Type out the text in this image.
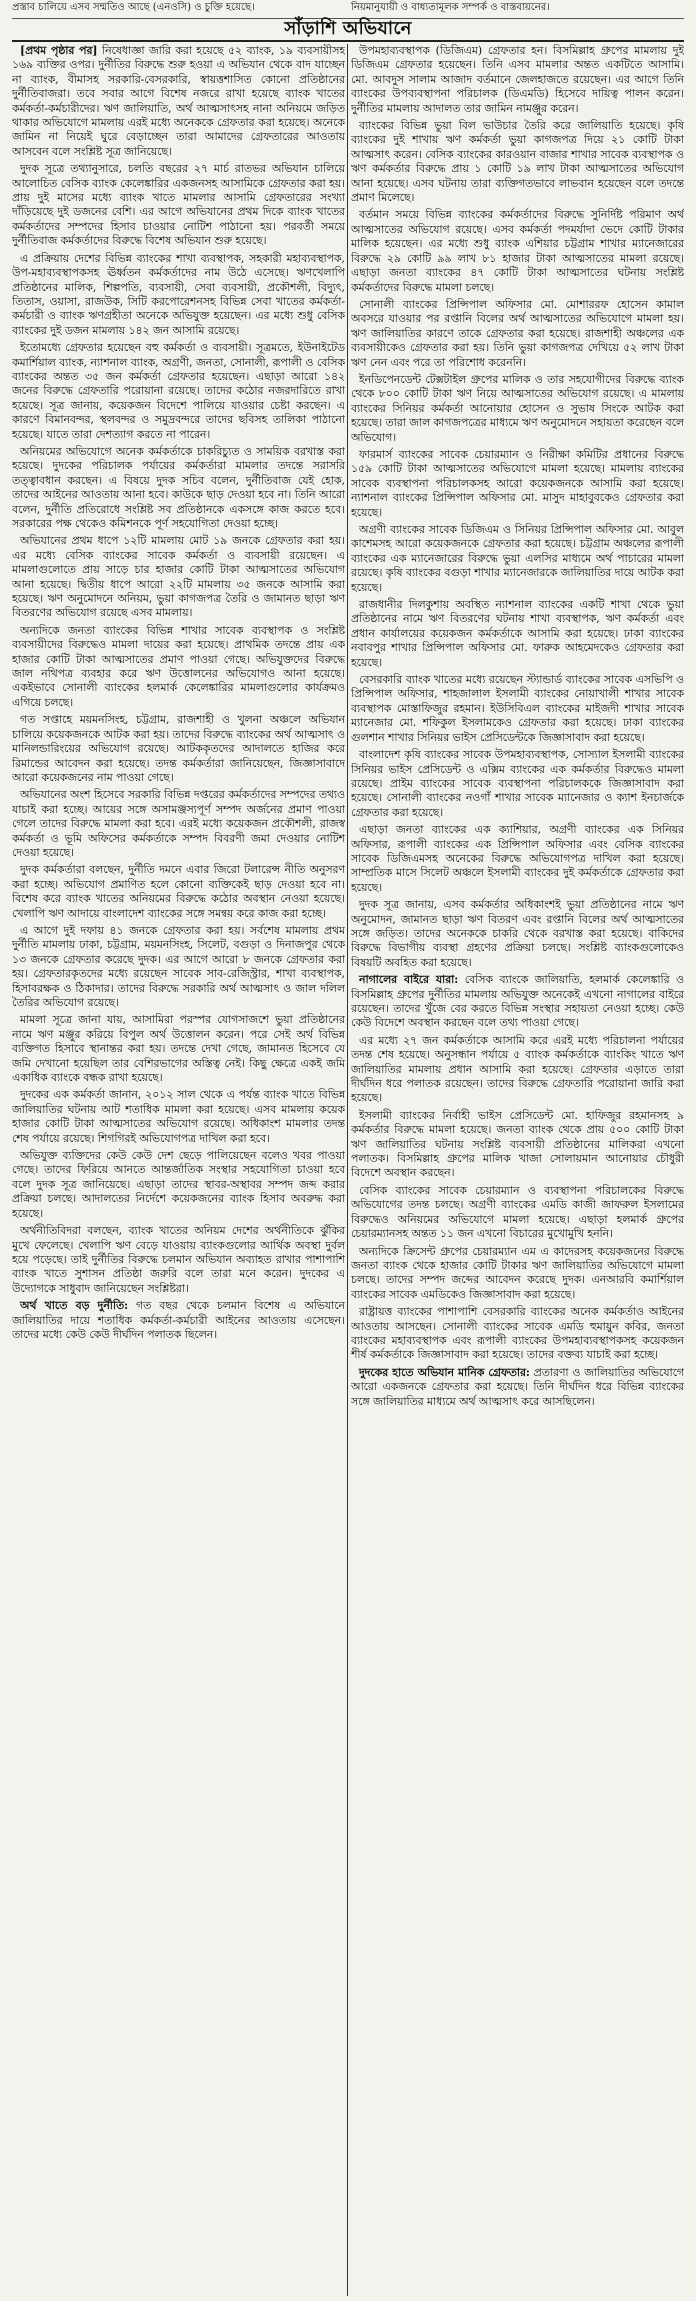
প্রস্তাব চালিয়ে এসব সম্মতিও আছে (এনওসি) ও চুক্তি হয়েছে।	নিয়মানুযায়ী ও বাধ্যতামূলক সম্পর্ক ও বাস্তবায়নের।
সাঁড়াশি অভিযানে

[প্রথম পৃষ্ঠার পর] নিষেধাজ্ঞা জারি করা হয়েছে ৫২ ব্যাংক, ১৯ ব্যবসায়ীসহ ১৬৯ ব্যক্তির ওপর। দুর্নীতির বিরুদ্ধে শুরু হওয়া এ অভিযান থেকে বাদ যাচ্ছেন না ব্যাংক, বীমাসহ সরকারি-বেসরকারি, স্বায়ত্তশাসিত কোনো প্রতিষ্ঠানের দুর্নীতিবাজরা। তবে সবার আগে বিশেষ নজরে রাখা হয়েছে ব্যাংক খাতের কর্মকর্তা-কর্মচারীদের। ঋণ জালিয়াতি, অর্থ আত্মসাৎসহ নানা অনিয়মে জড়িত থাকার অভিযোগে মামলায় এরই মধ্যে অনেককে গ্রেফতার করা হয়েছে। অনেকে জামিন না নিয়েই ঘুরে বেড়াচ্ছেন তারা আমাদের গ্রেফতারের আওতায় আসবেন বলে সংশ্লিষ্ট সূত্র জানিয়েছে।

দুদক সূত্রে তথ্যানুসারে, চলতি বছরের ২৭ মার্চ রাতভর অভিযান চালিয়ে আলোচিত বেসিক ব্যাংক কেলেঙ্কারির একজনসহ আসামিকে গ্রেফতার করা হয়। প্রায় দুই মাসের মধ্যে ব্যাংক খাতে মামলার আসামি গ্রেফতারের সংখ্যা দাঁড়িয়েছে দুই ডজনের বেশি। এর আগে অভিযানের প্রথম দিকে ব্যাংক খাতের কর্মকর্তাদের সম্পদের হিসাব চাওয়ার নোটিশ পাঠানো হয়। পরবর্তী সময়ে দুর্নীতিবাজ কর্মকর্তাদের বিরুদ্ধে বিশেষ অভিযান শুরু হয়েছে।

এ প্রক্রিয়ায় দেশের বিভিন্ন ব্যাংকের শাখা ব্যবস্থাপক, সহকারী মহাব্যবস্থাপক, উপ-মহাব্যবস্থাপকসহ ঊর্ধ্বতন কর্মকর্তাদের নাম উঠে এসেছে। ঋণখেলাপি প্রতিষ্ঠানের মালিক, শিল্পপতি, ব্যবসায়ী, সেবা ব্যবসায়ী, প্রকৌশলী, বিদ্যুৎ, তিতাস, ওয়াসা, রাজউক, সিটি করপোরেশনসহ বিভিন্ন সেবা খাতের কর্মকর্তা-কর্মচারী ও ব্যাংক ঋণগ্রহীতা অনেকে অভিযুক্ত হয়েছেন। এর মধ্যে শুধু বেসিক ব্যাংকের দুই ডজন মামলায় ১৪২ জন আসামি রয়েছে।

ইতোমধ্যে গ্রেফতার হয়েছেন বহু কর্মকর্তা ও ব্যবসায়ী। সূত্রমতে, ইউনাইটেড কমার্শিয়াল ব্যাংক, ন্যাশনাল ব্যাংক, অগ্রণী, জনতা, সোনালী, রূপালী ও বেসিক ব্যাংকের অন্তত ৩৫ জন কর্মকর্তা গ্রেফতার হয়েছেন। এছাড়া আরো ১৪২ জনের বিরুদ্ধে গ্রেফতারি পরোয়ানা রয়েছে। তাদের কঠোর নজরদারিতে রাখা হয়েছে। সূত্র জানায়, কয়েকজন বিদেশে পালিয়ে যাওয়ার চেষ্টা করছেন। এ কারণে বিমানবন্দর, স্থলবন্দর ও সমুদ্রবন্দরে তাদের ছবিসহ তালিকা পাঠানো হয়েছে। যাতে তারা দেশত্যাগ করতে না পারেন।

অনিয়মের অভিযোগে অনেক কর্মকর্তাকে চাকরিচ্যুত ও সাময়িক বরখাস্ত করা হয়েছে। দুদকের পরিচালক পর্যায়ের কর্মকর্তারা মামলার তদন্তে সরাসরি তত্ত্বাবধান করছেন। এ বিষয়ে দুদক সচিব বলেন, দুর্নীতিবাজ যেই হোক, তাদের আইনের আওতায় আনা হবে। কাউকে ছাড় দেওয়া হবে না। তিনি আরো বলেন, দুর্নীতি প্রতিরোধে সংশ্লিষ্ট সব প্রতিষ্ঠানকে একসঙ্গে কাজ করতে হবে। সরকারের পক্ষ থেকেও কমিশনকে পূর্ণ সহযোগিতা দেওয়া হচ্ছে।

অভিযানের প্রথম ধাপে ১২টি মামলায় মোট ১৯ জনকে গ্রেফতার করা হয়। এর মধ্যে বেসিক ব্যাংকের সাবেক কর্মকর্তা ও ব্যবসায়ী রয়েছেন। এ মামলাগুলোতে প্রায় সাড়ে চার হাজার কোটি টাকা আত্মসাতের অভিযোগ আনা হয়েছে। দ্বিতীয় ধাপে আরো ২২টি মামলায় ৩৫ জনকে আসামি করা হয়েছে। ঋণ অনুমোদনে অনিয়ম, ভুয়া কাগজপত্র তৈরি ও জামানত ছাড়া ঋণ বিতরণের অভিযোগ রয়েছে এসব মামলায়।

অন্যদিকে জনতা ব্যাংকের বিভিন্ন শাখার সাবেক ব্যবস্থাপক ও সংশ্লিষ্ট ব্যবসায়ীদের বিরুদ্ধেও মামলা দায়ের করা হয়েছে। প্রাথমিক তদন্তে প্রায় এক হাজার কোটি টাকা আত্মসাতের প্রমাণ পাওয়া গেছে। অভিযুক্তদের বিরুদ্ধে জাল নথিপত্র ব্যবহার করে ঋণ উত্তোলনের অভিযোগও আনা হয়েছে। একইভাবে সোনালী ব্যাংকের হলমার্ক কেলেঙ্কারির মামলাগুলোর কার্যক্রমও এগিয়ে চলছে।

গত সপ্তাহে ময়মনসিংহ, চট্টগ্রাম, রাজশাহী ও খুলনা অঞ্চলে অভিযান চালিয়ে কয়েকজনকে আটক করা হয়। তাদের বিরুদ্ধে ব্যাংকের অর্থ আত্মসাৎ ও মানিলন্ডারিংয়ের অভিযোগ রয়েছে। আটককৃতদের আদালতে হাজির করে রিমান্ডের আবেদন করা হয়েছে। তদন্ত কর্মকর্তারা জানিয়েছেন, জিজ্ঞাসাবাদে আরো কয়েকজনের নাম পাওয়া গেছে।

অভিযানের অংশ হিসেবে সরকারি বিভিন্ন দপ্তরের কর্মকর্তাদের সম্পদের তথ্যও যাচাই করা হচ্ছে। আয়ের সঙ্গে অসামঞ্জস্যপূর্ণ সম্পদ অর্জনের প্রমাণ পাওয়া গেলে তাদের বিরুদ্ধে মামলা করা হবে। এরই মধ্যে কয়েকজন প্রকৌশলী, রাজস্ব কর্মকর্তা ও ভূমি অফিসের কর্মকর্তাকে সম্পদ বিবরণী জমা দেওয়ার নোটিশ দেওয়া হয়েছে।

দুদক কর্মকর্তারা বলছেন, দুর্নীতি দমনে এবার জিরো টলারেন্স নীতি অনুসরণ করা হচ্ছে। অভিযোগ প্রমাণিত হলে কোনো ব্যক্তিকেই ছাড় দেওয়া হবে না। বিশেষ করে ব্যাংক খাতের অনিয়মের বিরুদ্ধে কঠোর অবস্থান নেওয়া হয়েছে। খেলাপি ঋণ আদায়ে বাংলাদেশ ব্যাংকের সঙ্গে সমন্বয় করে কাজ করা হচ্ছে।

এ আগে দুই দফায় ৪১ জনকে গ্রেফতার করা হয়। সর্বশেষ মামলায় প্রথম দুর্নীতি মামলায় ঢাকা, চট্টগ্রাম, ময়মনসিংহ, সিলেট, বগুড়া ও দিনাজপুর থেকে ১৩ জনকে গ্রেফতার করেছে দুদক। এর আগে আরো ৮ জনকে গ্রেফতার করা হয়। গ্রেফতারকৃতদের মধ্যে রয়েছেন সাবেক সাব-রেজিস্ট্রার, শাখা ব্যবস্থাপক, হিসাবরক্ষক ও ঠিকাদার। তাদের বিরুদ্ধে সরকারি অর্থ আত্মসাৎ ও জাল দলিল তৈরির অভিযোগ রয়েছে।

মামলা সূত্রে জানা যায়, আসামিরা পরস্পর যোগসাজশে ভুয়া প্রতিষ্ঠানের নামে ঋণ মঞ্জুর করিয়ে বিপুল অর্থ উত্তোলন করেন। পরে সেই অর্থ বিভিন্ন ব্যক্তিগত হিসাবে স্থানান্তর করা হয়। তদন্তে দেখা গেছে, জামানত হিসেবে যে জমি দেখানো হয়েছিল তার বেশিরভাগের অস্তিত্ব নেই। কিছু ক্ষেত্রে একই জমি একাধিক ব্যাংকে বন্ধক রাখা হয়েছে।

দুদকের এক কর্মকর্তা জানান, ২০১২ সাল থেকে এ পর্যন্ত ব্যাংক খাতে বিভিন্ন জালিয়াতির ঘটনায় আট শতাধিক মামলা করা হয়েছে। এসব মামলায় কয়েক হাজার কোটি টাকা আত্মসাতের অভিযোগ রয়েছে। অধিকাংশ মামলার তদন্ত শেষ পর্যায়ে রয়েছে। শিগগিরই অভিযোগপত্র দাখিল করা হবে।

অভিযুক্ত ব্যক্তিদের কেউ কেউ দেশ ছেড়ে পালিয়েছেন বলেও খবর পাওয়া গেছে। তাদের ফিরিয়ে আনতে আন্তর্জাতিক সংস্থার সহযোগিতা চাওয়া হবে বলে দুদক সূত্র জানিয়েছে। এছাড়া তাদের স্থাবর-অস্থাবর সম্পদ জব্দ করার প্রক্রিয়া চলছে। আদালতের নির্দেশে কয়েকজনের ব্যাংক হিসাব অবরুদ্ধ করা হয়েছে।

অর্থনীতিবিদরা বলছেন, ব্যাংক খাতের অনিয়ম দেশের অর্থনীতিকে ঝুঁকির মুখে ফেলেছে। খেলাপি ঋণ বেড়ে যাওয়ায় ব্যাংকগুলোর আর্থিক অবস্থা দুর্বল হয়ে পড়েছে। তাই দুর্নীতির বিরুদ্ধে চলমান অভিযান অব্যাহত রাখার পাশাপাশি ব্যাংক খাতে সুশাসন প্রতিষ্ঠা জরুরি বলে তারা মনে করেন। দুদকের এ উদ্যোগকে সাধুবাদ জানিয়েছেন সংশ্লিষ্টরা।

অর্থ খাতে বড় দুর্নীতি: গত বছর থেকে চলমান বিশেষ এ অভিযানে জালিয়াতির দায়ে শতাধিক কর্মকর্তা-কর্মচারী আইনের আওতায় এসেছেন। তাদের মধ্যে কেউ কেউ দীর্ঘদিন পলাতক ছিলেন।

উপমহাব্যবস্থাপক (ডিজিএম) গ্রেফতার হন। বিসমিল্লাহ গ্রুপের মামলায় দুই ডিজিএম গ্রেফতার হয়েছেন। তিনি এসব মামলার অন্তত একটিতে আসামি। মো. আবদুস সালাম আজাদ বর্তমানে জেলহাজতে রয়েছেন। এর আগে তিনি ব্যাংকের উপব্যবস্থাপনা পরিচালক (ডিএমডি) হিসেবে দায়িত্ব পালন করেন। দুর্নীতির মামলায় আদালত তার জামিন নামঞ্জুর করেন।

ব্যাংকের বিভিন্ন ভুয়া বিল ভাউচার তৈরি করে জালিয়াতি হয়েছে। কৃষি ব্যাংকের দুই শাখায় ঋণ কর্মকর্তা ভুয়া কাগজপত্র দিয়ে ২১ কোটি টাকা আত্মসাৎ করেন। বেসিক ব্যাংকের কারওয়ান বাজার শাখার সাবেক ব্যবস্থাপক ও ঋণ কর্মকর্তার বিরুদ্ধে প্রায় ১ কোটি ১৯ লাখ টাকা আত্মসাতের অভিযোগ আনা হয়েছে। এসব ঘটনায় তারা ব্যক্তিগতভাবে লাভবান হয়েছেন বলে তদন্তে প্রমাণ মিলেছে।

বর্তমান সময়ে বিভিন্ন ব্যাংকের কর্মকর্তাদের বিরুদ্ধে সুনির্দিষ্ট পরিমাণ অর্থ আত্মসাতের অভিযোগ রয়েছে। এসব কর্মকর্তা পদমর্যাদা ভেদে কোটি টাকার মালিক হয়েছেন। এর মধ্যে শুধু ব্যাংক এশিয়ার চট্টগ্রাম শাখার ম্যানেজারের বিরুদ্ধে ২৯ কোটি ৯৯ লাখ ৮১ হাজার টাকা আত্মসাতের মামলা রয়েছে। এছাড়া জনতা ব্যাংকের ৪৭ কোটি টাকা আত্মসাতের ঘটনায় সংশ্লিষ্ট কর্মকর্তাদের বিরুদ্ধে মামলা চলছে।

সোনালী ব্যাংকের প্রিন্সিপাল অফিসার মো. মোশাররফ হোসেন কামাল অবসরে যাওয়ার পর রপ্তানি বিলের অর্থ আত্মসাতের অভিযোগে মামলা হয়। ঋণ জালিয়াতির কারণে তাকে গ্রেফতার করা হয়েছে। রাজশাহী অঞ্চলের এক ব্যবসায়ীকেও গ্রেফতার করা হয়। তিনি ভুয়া কাগজপত্র দেখিয়ে ৫২ লাখ টাকা ঋণ নেন এবং পরে তা পরিশোধ করেননি।

ইনডিপেনডেন্ট টেক্সটাইল গ্রুপের মালিক ও তার সহযোগীদের বিরুদ্ধে ব্যাংক থেকে ৮০০ কোটি টাকা ঋণ নিয়ে আত্মসাতের অভিযোগ রয়েছে। এ মামলায় ব্যাংকের সিনিয়র কর্মকর্তা আনোয়ার হোসেন ও সুভাষ সিংকে আটক করা হয়েছে। তারা জাল কাগজপত্রের মাধ্যমে ঋণ অনুমোদনে সহায়তা করেছেন বলে অভিযোগ।

ফারমার্স ব্যাংকের সাবেক চেয়ারম্যান ও নিরীক্ষা কমিটির প্রধানের বিরুদ্ধে ১৫৯ কোটি টাকা আত্মসাতের অভিযোগে মামলা হয়েছে। মামলায় ব্যাংকের সাবেক ব্যবস্থাপনা পরিচালকসহ আরো কয়েকজনকে আসামি করা হয়েছে। ন্যাশনাল ব্যাংকের প্রিন্সিপাল অফিসার মো. মাসুদ মাহাবুবকেও গ্রেফতার করা হয়েছে।

অগ্রণী ব্যাংকের সাবেক ডিজিএম ও সিনিয়র প্রিন্সিপাল অফিসার মো. আবুল কাশেমসহ আরো কয়েকজনকে গ্রেফতার করা হয়েছে। চট্টগ্রাম অঞ্চলের রূপালী ব্যাংকের এক ম্যানেজারের বিরুদ্ধে ভুয়া এলসির মাধ্যমে অর্থ পাচারের মামলা রয়েছে। কৃষি ব্যাংকের বগুড়া শাখার ম্যানেজারকে জালিয়াতির দায়ে আটক করা হয়েছে।

রাজধানীর দিলকুশায় অবস্থিত ন্যাশনাল ব্যাংকের একটি শাখা থেকে ভুয়া প্রতিষ্ঠানের নামে ঋণ বিতরণের ঘটনায় শাখা ব্যবস্থাপক, ঋণ কর্মকর্তা এবং প্রধান কার্যালয়ের কয়েকজন কর্মকর্তাকে আসামি করা হয়েছে। ঢাকা ব্যাংকের নবাবপুর শাখার প্রিন্সিপাল অফিসার মো. ফারুক আহমেদকেও গ্রেফতার করা হয়েছে।

বেসরকারি ব্যাংক খাতের মধ্যে রয়েছেন স্ট্যান্ডার্ড ব্যাংকের সাবেক এসভিপি ও প্রিন্সিপাল অফিসার, শাহজালাল ইসলামী ব্যাংকের নোয়াখালী শাখার সাবেক ব্যবস্থাপক মোস্তাফিজুর রহমান। ইউসিবিএল ব্যাংকের মাইজদী শাখার সাবেক ম্যানেজার মো. শফিকুল ইসলামকেও গ্রেফতার করা হয়েছে। ঢাকা ব্যাংকের গুলশান শাখার সিনিয়র ভাইস প্রেসিডেন্টকে জিজ্ঞাসাবাদ করা হয়েছে।

বাংলাদেশ কৃষি ব্যাংকের সাবেক উপমহাব্যবস্থাপক, সোস্যাল ইসলামী ব্যাংকের সিনিয়র ভাইস প্রেসিডেন্ট ও এক্সিম ব্যাংকের এক কর্মকর্তার বিরুদ্ধেও মামলা রয়েছে। প্রাইম ব্যাংকের সাবেক ব্যবস্থাপনা পরিচালককে জিজ্ঞাসাবাদ করা হয়েছে। সোনালী ব্যাংকের নওগাঁ শাখার সাবেক ম্যানেজার ও ক্যাশ ইনচার্জকে গ্রেফতার করা হয়েছে।

এছাড়া জনতা ব্যাংকের এক ক্যাশিয়ার, অগ্রণী ব্যাংকের এক সিনিয়র অফিসার, রূপালী ব্যাংকের এক প্রিন্সিপাল অফিসার এবং বেসিক ব্যাংকের সাবেক ডিজিএমসহ অনেকের বিরুদ্ধে অভিযোগপত্র দাখিল করা হয়েছে। সাম্প্রতিক মাসে সিলেট অঞ্চলে ইসলামী ব্যাংকের দুই কর্মকর্তাকে গ্রেফতার করা হয়েছে।

দুদক সূত্র জানায়, এসব কর্মকর্তার অধিকাংশই ভুয়া প্রতিষ্ঠানের নামে ঋণ অনুমোদন, জামানত ছাড়া ঋণ বিতরণ এবং রপ্তানি বিলের অর্থ আত্মসাতের সঙ্গে জড়িত। তাদের অনেককে চাকরি থেকে বরখাস্ত করা হয়েছে। বাকিদের বিরুদ্ধে বিভাগীয় ব্যবস্থা গ্রহণের প্রক্রিয়া চলছে। সংশ্লিষ্ট ব্যাংকগুলোকেও বিষয়টি অবহিত করা হয়েছে।

নাগালের বাইরে যারা: বেসিক ব্যাংকে জালিয়াতি, হলমার্ক কেলেঙ্কারি ও বিসমিল্লাহ গ্রুপের দুর্নীতির মামলায় অভিযুক্ত অনেকেই এখনো নাগালের বাইরে রয়েছেন। তাদের খুঁজে বের করতে বিভিন্ন সংস্থার সহায়তা নেওয়া হচ্ছে। কেউ কেউ বিদেশে অবস্থান করছেন বলে তথ্য পাওয়া গেছে।

এর মধ্যে ২৭ জন কর্মকর্তাকে আসামি করে এরই মধ্যে পরিচালনা পর্যায়ের তদন্ত শেষ হয়েছে। অনুসন্ধান পর্যায়ে ৫ ব্যাংক কর্মকর্তাকে ব্যাংকিং খাতে ঋণ জালিয়াতির মামলায় প্রধান আসামি করা হয়েছে। গ্রেফতার এড়াতে তারা দীর্ঘদিন ধরে পলাতক রয়েছেন। তাদের বিরুদ্ধে গ্রেফতারি পরোয়ানা জারি করা হয়েছে।

ইসলামী ব্যাংকের নির্বাহী ভাইস প্রেসিডেন্ট মো. হাফিজুর রহমানসহ ৯ কর্মকর্তার বিরুদ্ধে মামলা হয়েছে। জনতা ব্যাংক থেকে প্রায় ৫০০ কোটি টাকা ঋণ জালিয়াতির ঘটনায় সংশ্লিষ্ট ব্যবসায়ী প্রতিষ্ঠানের মালিকরা এখনো পলাতক। বিসমিল্লাহ গ্রুপের মালিক খাজা সোলায়মান আনোয়ার চৌধুরী বিদেশে অবস্থান করছেন।

বেসিক ব্যাংকের সাবেক চেয়ারম্যান ও ব্যবস্থাপনা পরিচালকের বিরুদ্ধে অভিযোগের তদন্ত চলছে। অগ্রণী ব্যাংকের এমডি কাজী জাফরুল ইসলামের বিরুদ্ধেও অনিয়মের অভিযোগে মামলা হয়েছে। এছাড়া হলমার্ক গ্রুপের চেয়ারম্যানসহ অন্তত ১১ জন এখনো বিচারের মুখোমুখি হননি।

অন্যদিকে ক্রিসেন্ট গ্রুপের চেয়ারম্যান এম এ কাদেরসহ কয়েকজনের বিরুদ্ধে জনতা ব্যাংক থেকে হাজার কোটি টাকার ঋণ জালিয়াতির অভিযোগে মামলা চলছে। তাদের সম্পদ জব্দের আবেদন করেছে দুদক। এনআরবি কমার্শিয়াল ব্যাংকের সাবেক এমডিকেও জিজ্ঞাসাবাদ করা হয়েছে।

রাষ্ট্রায়ত্ত ব্যাংকের পাশাপাশি বেসরকারি ব্যাংকের অনেক কর্মকর্তাও আইনের আওতায় আসছেন। সোনালী ব্যাংকের সাবেক এমডি হুমায়ুন কবির, জনতা ব্যাংকের মহাব্যবস্থাপক এবং রূপালী ব্যাংকের উপমহাব্যবস্থাপকসহ কয়েকজন শীর্ষ কর্মকর্তাকে জিজ্ঞাসাবাদ করা হয়েছে। তাদের বক্তব্য যাচাই করা হচ্ছে।

দুদকের হাতে অভিযান মানিক গ্রেফতার: প্রতারণা ও জালিয়াতির অভিযোগে আরো একজনকে গ্রেফতার করা হয়েছে। তিনি দীর্ঘদিন ধরে বিভিন্ন ব্যাংকের সঙ্গে জালিয়াতির মাধ্যমে অর্থ আত্মসাৎ করে আসছিলেন।
